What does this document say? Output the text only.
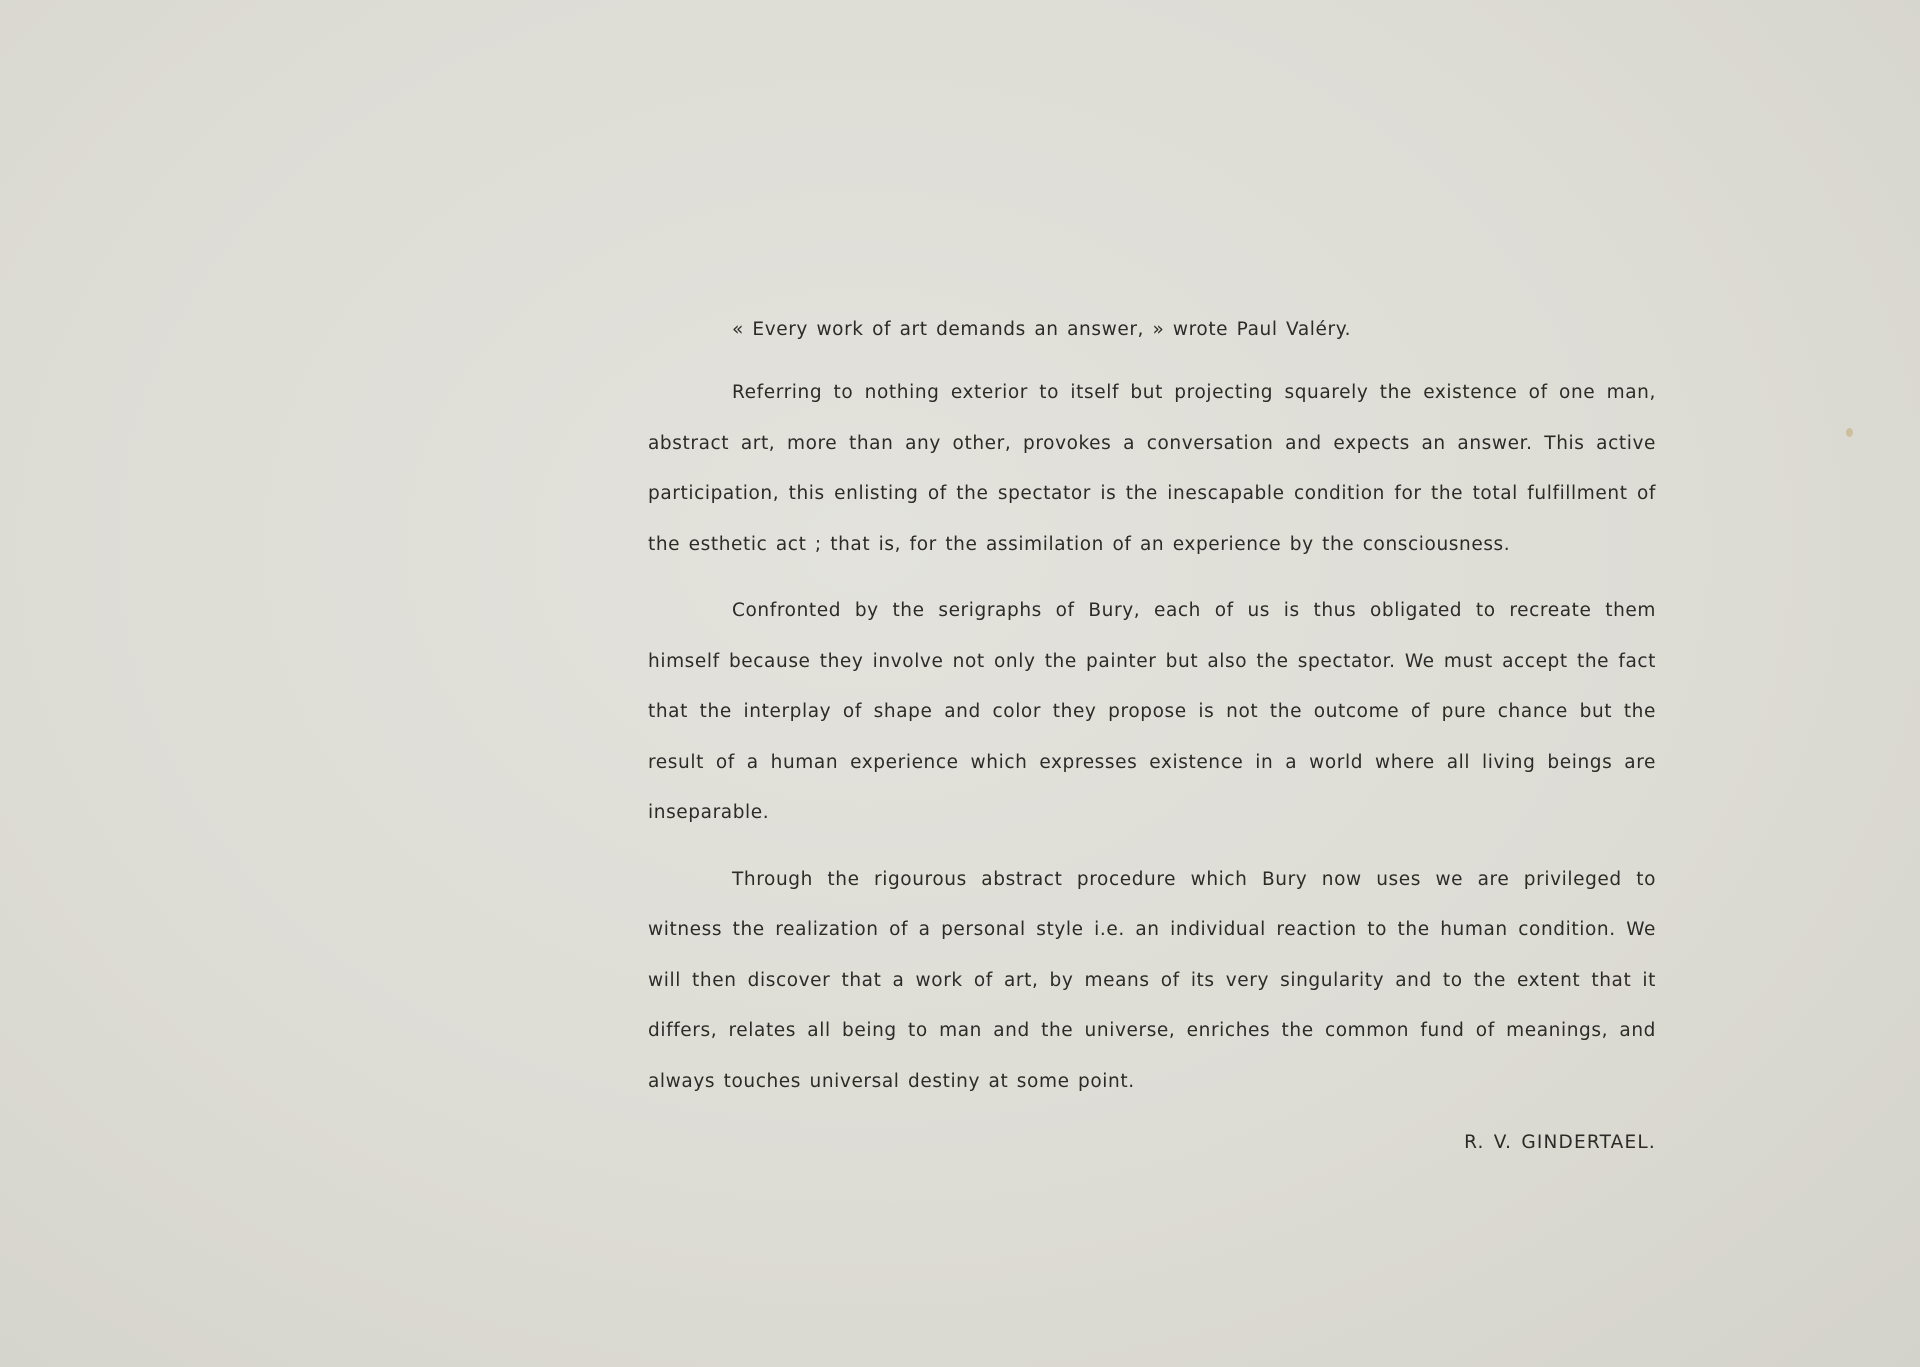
« Every work of art demands an answer, » wrote Paul Valéry.

Referring to nothing exterior to itself but projecting squarely the existence of one man, abstract art, more than any other, provokes a conversation and expects an answer. This active participation, this enlisting of the spectator is the inescapable condition for the total fulfillment of the esthetic act ; that is, for the assimilation of an experience by the consciousness.

Confronted by the serigraphs of Bury, each of us is thus obligated to recreate them himself because they involve not only the painter but also the spectator. We must accept the fact that the interplay of shape and color they propose is not the outcome of pure chance but the result of a human experience which expresses existence in a world where all living beings are inseparable.

Through the rigourous abstract procedure which Bury now uses we are privileged to witness the realization of a personal style i.e. an individual reaction to the human condition. We will then discover that a work of art, by means of its very singularity and to the extent that it differs, relates all being to man and the universe, enriches the common fund of meanings, and always touches universal destiny at some point.

R. V. GINDERTAEL.
